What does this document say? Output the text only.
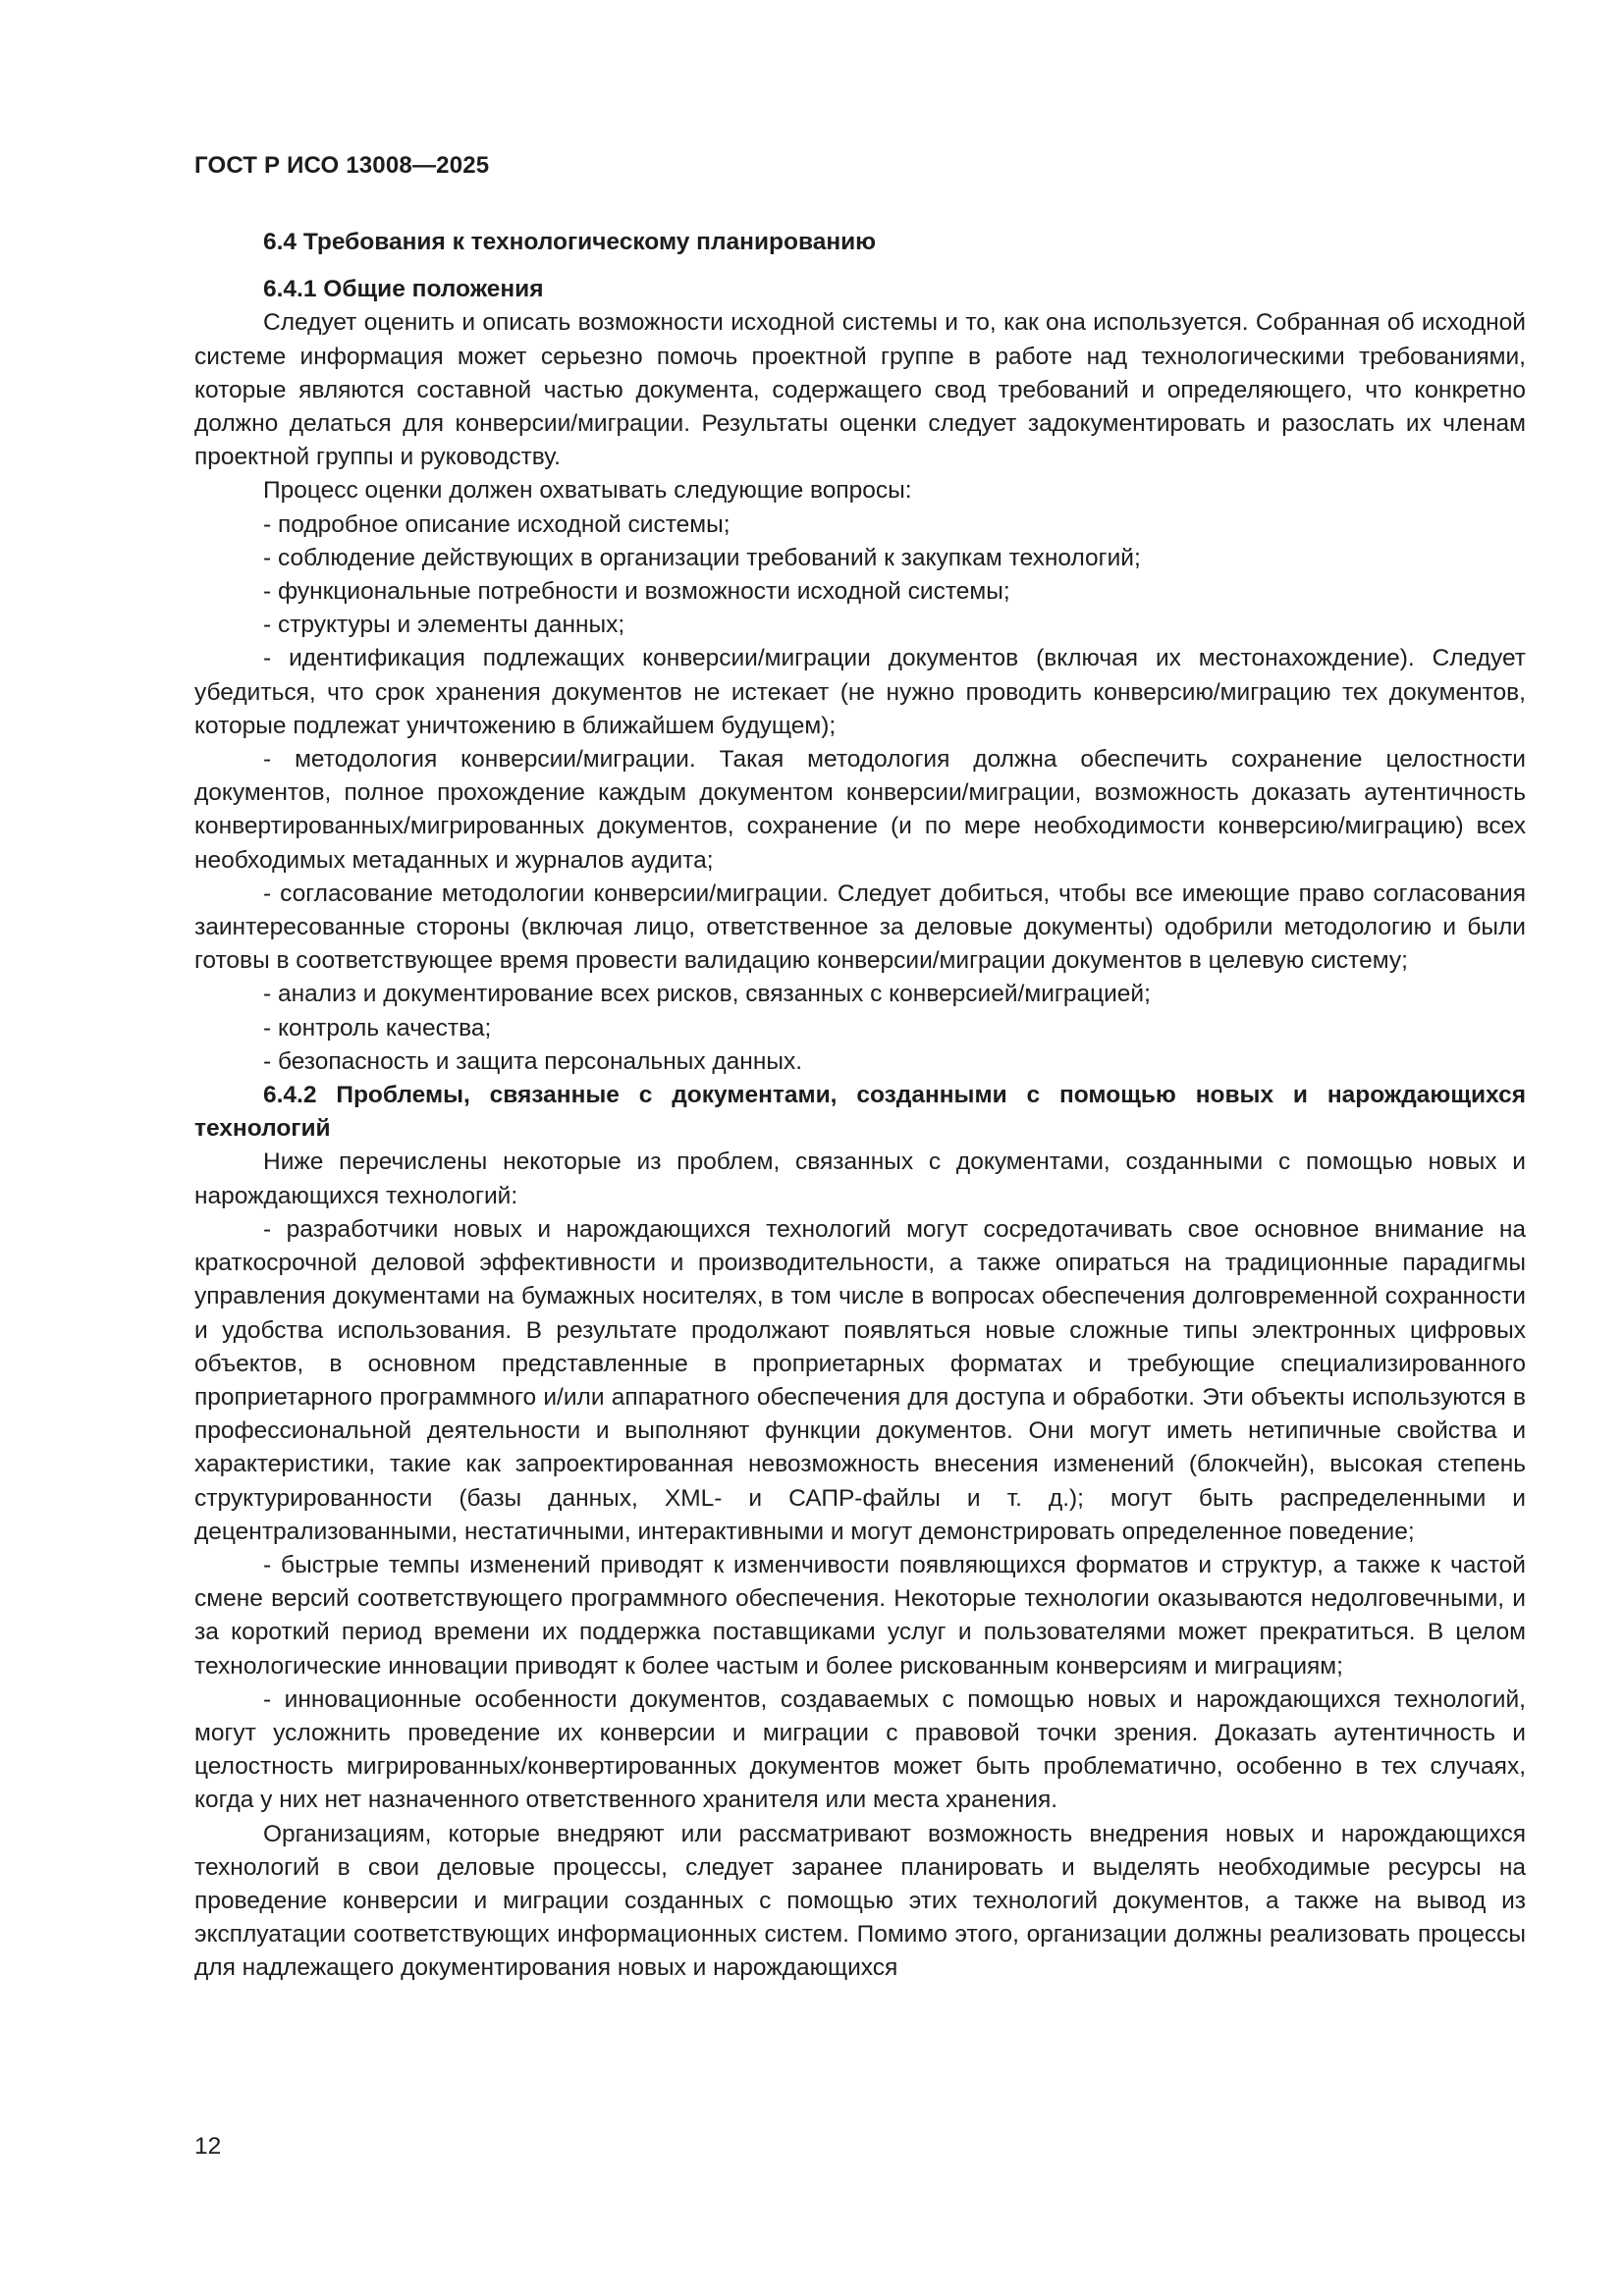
ГОСТ Р ИСО 13008—2025

6.4 Требования к технологическому планированию

6.4.1 Общие положения

Следует оценить и описать возможности исходной системы и то, как она используется. Собранная об исходной системе информация может серьезно помочь проектной группе в работе над технологическими требованиями, которые являются составной частью документа, содержащего свод требований и определяющего, что конкретно должно делаться для конверсии/миграции. Результаты оценки следует задокументировать и разослать их членам проектной группы и руководству.

Процесс оценки должен охватывать следующие вопросы:

- подробное описание исходной системы;

- соблюдение действующих в организации требований к закупкам технологий;

- функциональные потребности и возможности исходной системы;

- структуры и элементы данных;

- идентификация подлежащих конверсии/миграции документов (включая их местонахождение). Следует убедиться, что срок хранения документов не истекает (не нужно проводить конверсию/миграцию тех документов, которые подлежат уничтожению в ближайшем будущем);

- методология конверсии/миграции. Такая методология должна обеспечить сохранение целостности документов, полное прохождение каждым документом конверсии/миграции, возможность доказать аутентичность конвертированных/мигрированных документов, сохранение (и по мере необходимости конверсию/миграцию) всех необходимых метаданных и журналов аудита;

- согласование методологии конверсии/миграции. Следует добиться, чтобы все имеющие право согласования заинтересованные стороны (включая лицо, ответственное за деловые документы) одобрили методологию и были готовы в соответствующее время провести валидацию конверсии/миграции документов в целевую систему;

- анализ и документирование всех рисков, связанных с конверсией/миграцией;

- контроль качества;

- безопасность и защита персональных данных.

6.4.2 Проблемы, связанные с документами, созданными с помощью новых и нарождающихся технологий

Ниже перечислены некоторые из проблем, связанных с документами, созданными с помощью новых и нарождающихся технологий:

- разработчики новых и нарождающихся технологий могут сосредотачивать свое основное внимание на краткосрочной деловой эффективности и производительности, а также опираться на традиционные парадигмы управления документами на бумажных носителях, в том числе в вопросах обеспечения долговременной сохранности и удобства использования. В результате продолжают появляться новые сложные типы электронных цифровых объектов, в основном представленные в проприетарных форматах и требующие специализированного проприетарного программного и/или аппаратного обеспечения для доступа и обработки. Эти объекты используются в профессиональной деятельности и выполняют функции документов. Они могут иметь нетипичные свойства и характеристики, такие как запроектированная невозможность внесения изменений (блокчейн), высокая степень структурированности (базы данных, XML- и САПР-файлы и т. д.); могут быть распределенными и децентрализованными, нестатичными, интерактивными и могут демонстрировать определенное поведение;

- быстрые темпы изменений приводят к изменчивости появляющихся форматов и структур, а также к частой смене версий соответствующего программного обеспечения. Некоторые технологии оказываются недолговечными, и за короткий период времени их поддержка поставщиками услуг и пользователями может прекратиться. В целом технологические инновации приводят к более частым и более рискованным конверсиям и миграциям;

- инновационные особенности документов, создаваемых с помощью новых и нарождающихся технологий, могут усложнить проведение их конверсии и миграции с правовой точки зрения. Доказать аутентичность и целостность мигрированных/конвертированных документов может быть проблематично, особенно в тех случаях, когда у них нет назначенного ответственного хранителя или места хранения.

Организациям, которые внедряют или рассматривают возможность внедрения новых и нарождающихся технологий в свои деловые процессы, следует заранее планировать и выделять необходимые ресурсы на проведение конверсии и миграции созданных с помощью этих технологий документов, а также на вывод из эксплуатации соответствующих информационных систем. Помимо этого, организации должны реализовать процессы для надлежащего документирования новых и нарождающихся

12
